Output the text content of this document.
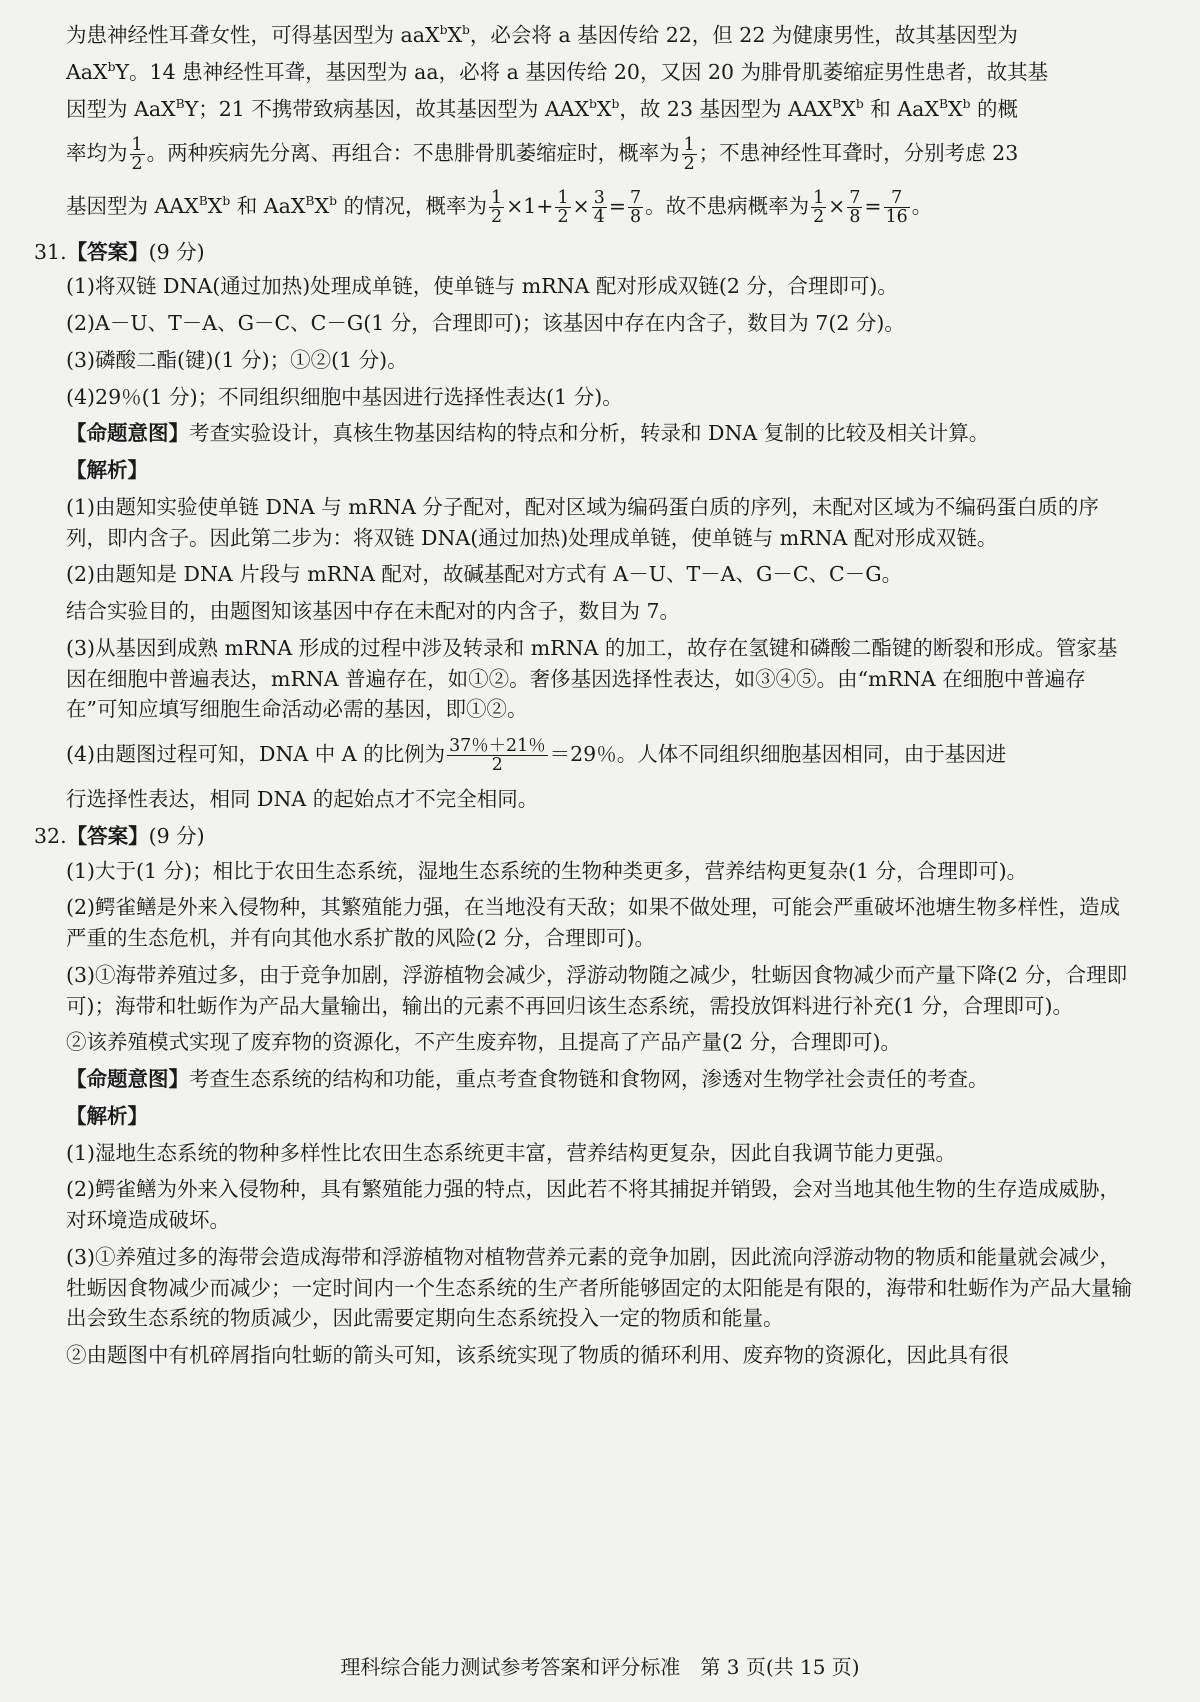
为患神经性耳聋女性，可得基因型为 $aaX^bX^b$，必会将 a 基因传给 22，但 22 为健康男性，故其基因型为

AaX$^b$Y。14 患神经性耳聋，基因型为 aa，必将 a 基因传给 20，又因 20 为腓骨肌萎缩症男性患者，故其基

因型为 AaX$^B$Y；21 不携带致病基因，故其基因型为 $AAX^bX^b$，故 23 基因型为 $AAX^BX^b$ 和 $AaX^BX^b$ 的概

率均为 $\frac{1}{2}$ 。两种疾病先分离、再组合：不患腓骨肌萎缩症时，概率为 $\frac{1}{2}$ ；不患神经性耳聋时，分别考虑 23

基因型为 $AAX^BX^b$ 和 $AaX^BX^b$ 的情况，概率为 $\frac{1}{2} \times 1+ \frac{1}{2} \times \frac{3}{4} = \frac{7}{8}$ 。故不患病概率为 $\frac{1}{2} \times \frac{7}{8} = \frac{7}{16}$ 。

31.【答案】(9 分)

(1)将双链 DNA(通过加热)处理成单链，使单链与 mRNA 配对形成双链(2 分，合理即可)。

(2)A－U、T－A、G－C、C－G(1 分，合理即可)；该基因中存在内含子，数目为 7(2 分)。

(3)磷酸二酯(键)(1 分)；①②(1 分)。

(4)29％(1 分)；不同组织细胞中基因进行选择性表达(1 分)。

【命题意图】考查实验设计，真核生物基因结构的特点和分析，转录和 DNA 复制的比较及相关计算。

【解析】

(1)由题知实验使单链 DNA 与 mRNA 分子配对，配对区域为编码蛋白质的序列，未配对区域为不编码蛋白质的序列，即内含子。因此第二步为：将双链 DNA(通过加热)处理成单链，使单链与 mRNA 配对形成双链。

(2)由题知是 DNA 片段与 mRNA 配对，故碱基配对方式有 A－U、T－A、G－C、C－G。

结合实验目的，由题图知该基因中存在未配对的内含子，数目为 7。

(3)从基因到成熟 mRNA 形成的过程中涉及转录和 mRNA 的加工，故存在氢键和磷酸二酯键的断裂和形成。管家基因在细胞中普遍表达，mRNA 普遍存在，如①②。奢侈基因选择性表达，如③④⑤。由“mRNA 在细胞中普遍存在”可知应填写细胞生命活动必需的基因，即①②。

(4)由题图过程可知，DNA 中 A 的比例为 $\frac{37\%+21\%}{2} =29$％。人体不同组织细胞基因相同，由于基因进

行选择性表达，相同 DNA 的起始点才不完全相同。

32.【答案】(9 分)

(1)大于(1 分)；相比于农田生态系统，湿地生态系统的生物种类更多，营养结构更复杂(1 分，合理即可)。

(2)鳄雀鳝是外来入侵物种，其繁殖能力强，在当地没有天敌；如果不做处理，可能会严重破坏池塘生物多样性，造成严重的生态危机，并有向其他水系扩散的风险(2 分，合理即可)。

(3)①海带养殖过多，由于竞争加剧，浮游植物会减少，浮游动物随之减少，牡蛎因食物减少而产量下降(2 分，合理即可)；海带和牡蛎作为产品大量输出，输出的元素不再回归该生态系统，需投放饵料进行补充(1 分，合理即可)。

②该养殖模式实现了废弃物的资源化，不产生废弃物，且提高了产品产量(2 分，合理即可)。

【命题意图】考查生态系统的结构和功能，重点考查食物链和食物网，渗透对生物学社会责任的考查。

【解析】

(1)湿地生态系统的物种多样性比农田生态系统更丰富，营养结构更复杂，因此自我调节能力更强。

(2)鳄雀鳝为外来入侵物种，具有繁殖能力强的特点，因此若不将其捕捉并销毁，会对当地其他生物的生存造成威胁，对环境造成破坏。

(3)①养殖过多的海带会造成海带和浮游植物对植物营养元素的竞争加剧，因此流向浮游动物的物质和能量就会减少，牡蛎因食物减少而减少；一定时间内一个生态系统的生产者所能够固定的太阳能是有限的，海带和牡蛎作为产品大量输出会致生态系统的物质减少，因此需要定期向生态系统投入一定的物质和能量。

②由题图中有机碎屑指向牡蛎的箭头可知，该系统实现了物质的循环利用、废弃物的资源化，因此具有很

理科综合能力测试参考答案和评分标准　第 3 页(共 15 页)
